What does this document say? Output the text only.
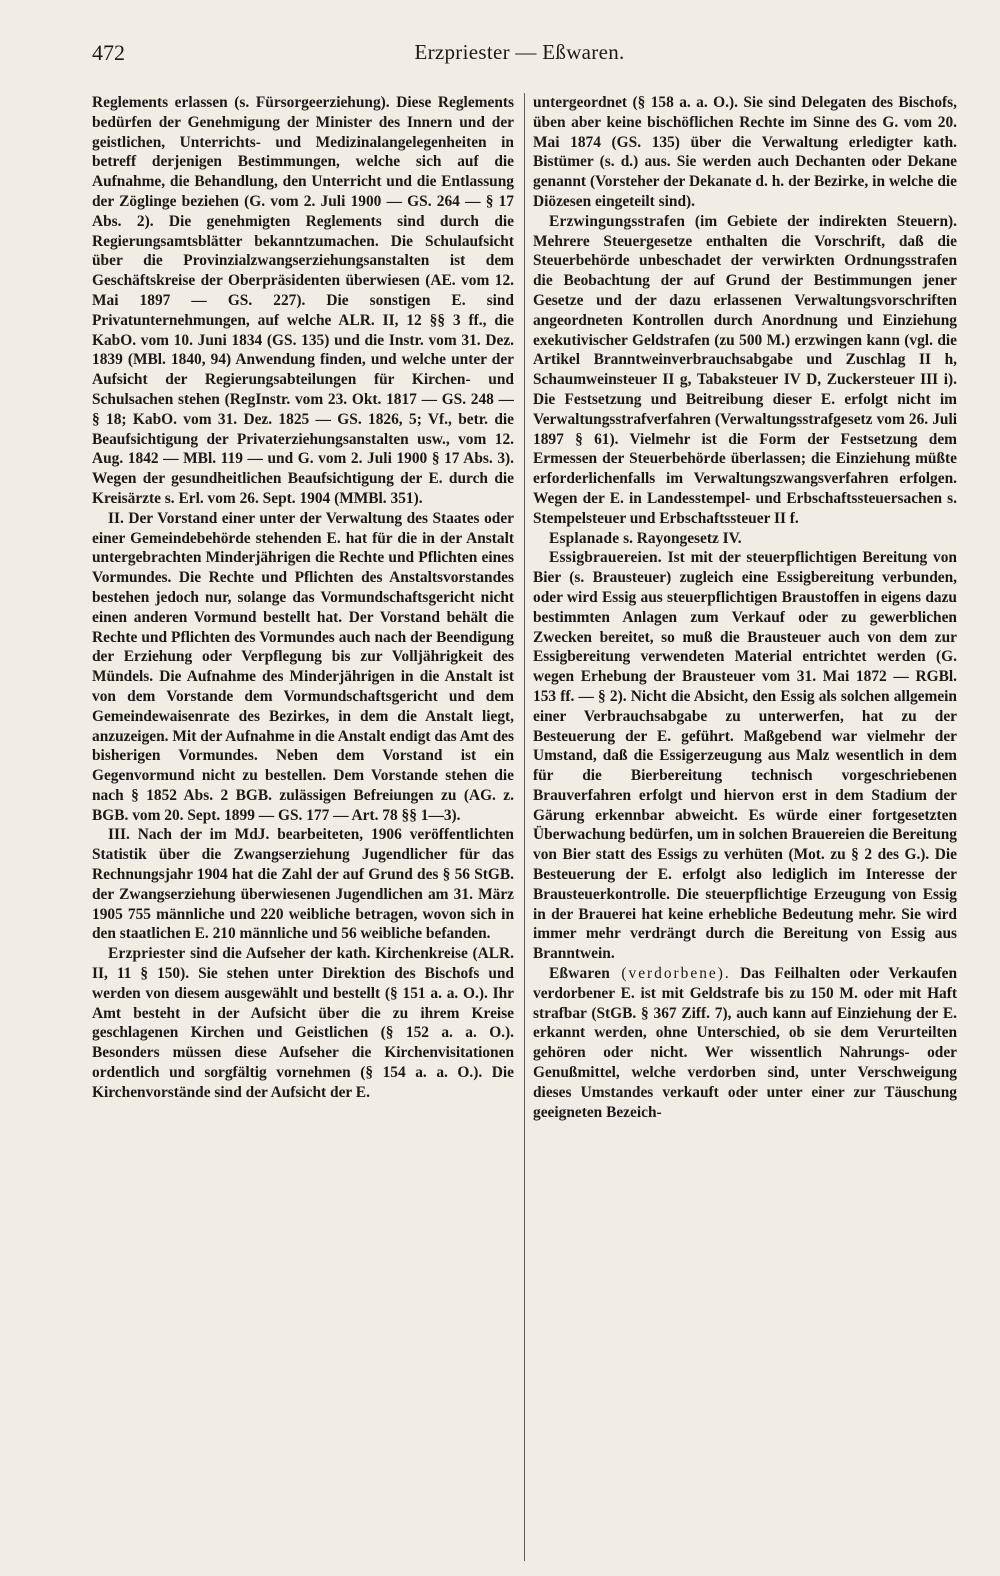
472	Erzpriester — Eßwaren.

Reglements erlassen (s. Fürsorgeerziehung). Diese Reglements bedürfen der Genehmigung der Minister des Innern und der geistlichen, Unterrichts- und Medizinalangelegenheiten in betreff derjenigen Bestimmungen, welche sich auf die Aufnahme, die Behandlung, den Unterricht und die Entlassung der Zöglinge beziehen (G. vom 2. Juli 1900 — GS. 264 — § 17 Abs. 2). Die genehmigten Reglements sind durch die Regierungsamtsblätter bekanntzumachen. Die Schulaufsicht über die Provinzialzwangserziehungsanstalten ist dem Geschäftskreise der Oberpräsidenten überwiesen (AE. vom 12. Mai 1897 — GS. 227). Die sonstigen E. sind Privatunternehmungen, auf welche ALR. II, 12 §§ 3 ff., die KabO. vom 10. Juni 1834 (GS. 135) und die Instr. vom 31. Dez. 1839 (MBl. 1840, 94) Anwendung finden, und welche unter der Aufsicht der Regierungsabteilungen für Kirchen- und Schulsachen stehen (RegInstr. vom 23. Okt. 1817 — GS. 248 — § 18; KabO. vom 31. Dez. 1825 — GS. 1826, 5; Vf., betr. die Beaufsichtigung der Privaterziehungsanstalten usw., vom 12. Aug. 1842 — MBl. 119 — und G. vom 2. Juli 1900 § 17 Abs. 3). Wegen der gesundheitlichen Beaufsichtigung der E. durch die Kreisärzte s. Erl. vom 26. Sept. 1904 (MMBl. 351).

II. Der Vorstand einer unter der Verwaltung des Staates oder einer Gemeindebehörde stehenden E. hat für die in der Anstalt untergebrachten Minderjährigen die Rechte und Pflichten eines Vormundes. Die Rechte und Pflichten des Anstaltsvorstandes bestehen jedoch nur, solange das Vormundschaftsgericht nicht einen anderen Vormund bestellt hat. Der Vorstand behält die Rechte und Pflichten des Vormundes auch nach der Beendigung der Erziehung oder Verpflegung bis zur Volljährigkeit des Mündels. Die Aufnahme des Minderjährigen in die Anstalt ist von dem Vorstande dem Vormundschaftsgericht und dem Gemeindewaisenrate des Bezirkes, in dem die Anstalt liegt, anzuzeigen. Mit der Aufnahme in die Anstalt endigt das Amt des bisherigen Vormundes. Neben dem Vorstand ist ein Gegenvormund nicht zu bestellen. Dem Vorstande stehen die nach § 1852 Abs. 2 BGB. zulässigen Befreiungen zu (AG. z. BGB. vom 20. Sept. 1899 — GS. 177 — Art. 78 §§ 1—3).

III. Nach der im MdJ. bearbeiteten, 1906 veröffentlichten Statistik über die Zwangserziehung Jugendlicher für das Rechnungsjahr 1904 hat die Zahl der auf Grund des § 56 StGB. der Zwangserziehung überwiesenen Jugendlichen am 31. März 1905 755 männliche und 220 weibliche betragen, wovon sich in den staatlichen E. 210 männliche und 56 weibliche befanden.

Erzpriester sind die Aufseher der kath. Kirchenkreise (ALR. II, 11 § 150). Sie stehen unter Direktion des Bischofs und werden von diesem ausgewählt und bestellt (§ 151 a. a. O.). Ihr Amt besteht in der Aufsicht über die zu ihrem Kreise geschlagenen Kirchen und Geistlichen (§ 152 a. a. O.). Besonders müssen diese Aufseher die Kirchenvisitationen ordentlich und sorgfältig vornehmen (§ 154 a. a. O.). Die Kirchenvorstände sind der Aufsicht der E.

untergeordnet (§ 158 a. a. O.). Sie sind Delegaten des Bischofs, üben aber keine bischöflichen Rechte im Sinne des G. vom 20. Mai 1874 (GS. 135) über die Verwaltung erledigter kath. Bistümer (s. d.) aus. Sie werden auch Dechanten oder Dekane genannt (Vorsteher der Dekanate d. h. der Bezirke, in welche die Diözesen eingeteilt sind).

Erzwingungsstrafen (im Gebiete der indirekten Steuern). Mehrere Steuergesetze enthalten die Vorschrift, daß die Steuerbehörde unbeschadet der verwirkten Ordnungsstrafen die Beobachtung der auf Grund der Bestimmungen jener Gesetze und der dazu erlassenen Verwaltungsvorschriften angeordneten Kontrollen durch Anordnung und Einziehung exekutivischer Geldstrafen (zu 500 M.) erzwingen kann (vgl. die Artikel Branntweinverbrauchsabgabe und Zuschlag II h, Schaumweinsteuer II g, Tabaksteuer IV D, Zuckersteuer III i). Die Festsetzung und Beitreibung dieser E. erfolgt nicht im Verwaltungsstrafverfahren (Verwaltungsstrafgesetz vom 26. Juli 1897 § 61). Vielmehr ist die Form der Festsetzung dem Ermessen der Steuerbehörde überlassen; die Einziehung müßte erforderlichenfalls im Verwaltungszwangsverfahren erfolgen. Wegen der E. in Landesstempel- und Erbschaftssteuersachen s. Stempelsteuer und Erbschaftssteuer II f.

Esplanade s. Rayongesetz IV.

Essigbrauereien. Ist mit der steuerpflichtigen Bereitung von Bier (s. Brausteuer) zugleich eine Essigbereitung verbunden, oder wird Essig aus steuerpflichtigen Braustoffen in eigens dazu bestimmten Anlagen zum Verkauf oder zu gewerblichen Zwecken bereitet, so muß die Brausteuer auch von dem zur Essigbereitung verwendeten Material entrichtet werden (G. wegen Erhebung der Brausteuer vom 31. Mai 1872 — RGBl. 153 ff. — § 2). Nicht die Absicht, den Essig als solchen allgemein einer Verbrauchsabgabe zu unterwerfen, hat zu der Besteuerung der E. geführt. Maßgebend war vielmehr der Umstand, daß die Essigerzeugung aus Malz wesentlich in dem für die Bierbereitung technisch vorgeschriebenen Brauverfahren erfolgt und hiervon erst in dem Stadium der Gärung erkennbar abweicht. Es würde einer fortgesetzten Überwachung bedürfen, um in solchen Brauereien die Bereitung von Bier statt des Essigs zu verhüten (Mot. zu § 2 des G.). Die Besteuerung der E. erfolgt also lediglich im Interesse der Brausteuerkontrolle. Die steuerpflichtige Erzeugung von Essig in der Brauerei hat keine erhebliche Bedeutung mehr. Sie wird immer mehr verdrängt durch die Bereitung von Essig aus Branntwein.

Eßwaren (verdorbene). Das Feilhalten oder Verkaufen verdorbener E. ist mit Geldstrafe bis zu 150 M. oder mit Haft strafbar (StGB. § 367 Ziff. 7), auch kann auf Einziehung der E. erkannt werden, ohne Unterschied, ob sie dem Verurteilten gehören oder nicht. Wer wissentlich Nahrungs- oder Genußmittel, welche verdorben sind, unter Verschweigung dieses Umstandes verkauft oder unter einer zur Täuschung geeigneten Bezeich-
